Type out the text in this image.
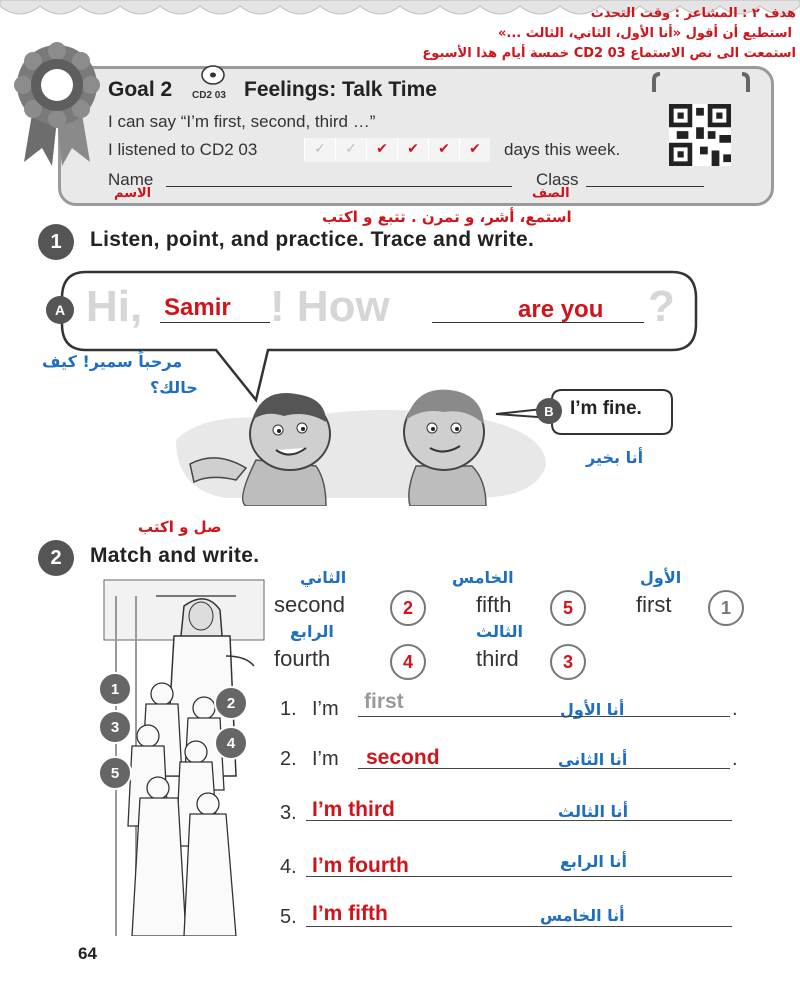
هدف ٢ : المشاعر : وقت التحدث
استطيع أن أقول «أنا الأول، الثاني، الثالث ...»
استمعت الى نص الاستماع CD2 03 خمسة أيام هذا الأسبوع
Goal 2 CD2 03 Feelings: Talk Time
I can say “I’m first, second, third …”
I listened to CD2 03	✓	✓	✔	✔	✔	✔	days this week.
Name
الاسم
Class
الصف
استمع، أشر، و تمرن . تتبع و اكتب
1	Listen, point, and practice. Trace and write.
A Hi, Samir ! How	are you ?
مرحباً سمير! كيف
حالك؟
B I’m fine.
أنا بخير
صل و اكتب
2	Match and write.
1
2
3
4
5
الثاني
second	2
الخامس
fifth	5
الأول
first	1
الرابع
fourth	4
الثالث
third	3
1. I’m first	أنا الأول	.
2. I’m second	أنا الثاني	.
3. I’m third	أنا الثالث
4. I’m fourth	أنا الرابع
5. I’m fifth	أنا الخامس
64
